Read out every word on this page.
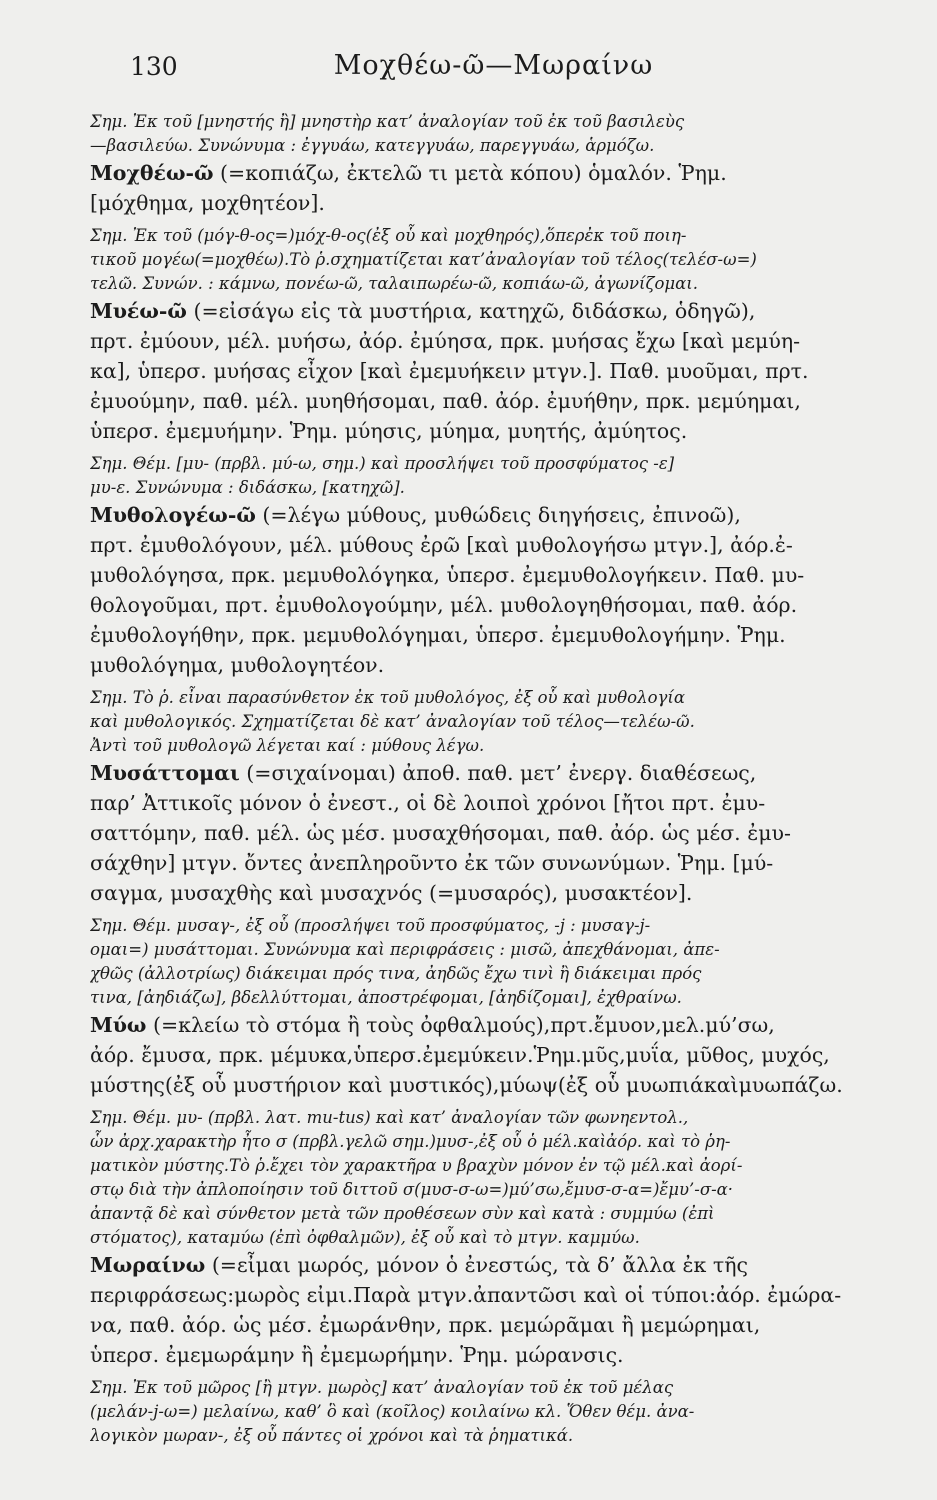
130	Μοχθέω-ῶ—Μωραίνω
Σημ. Ἐκ τοῦ [μνηστής ἢ] μνηστὴρ κατ’ ἀναλογίαν τοῦ ἐκ τοῦ βασιλεὺς
—βασιλεύω. Συνώνυμα : ἐγγυάω, κατεγγυάω, παρεγγυάω, ἁρμόζω.
Μοχθέω-ῶ (=κοπιάζω, ἐκτελῶ τι μετὰ κόπου) ὁμαλόν. Ῥημ.
[μόχθημα, μοχθητέον].
Σημ. Ἐκ τοῦ (μόγ-θ-ος=)μόχ-θ-ος(ἐξ οὗ καὶ μοχθηρός),ὅπερἐκ τοῦ ποιη-
τικοῦ μογέω(=μοχθέω).Τὸ ῥ.σχηματίζεται κατ’ἀναλογίαν τοῦ τέλος(τελέσ-ω=)
τελῶ. Συνών. : κάμνω, πονέω-ῶ, ταλαιπωρέω-ῶ, κοπιάω-ῶ, ἀγωνίζομαι.
Μυέω-ῶ (=εἰσάγω εἰς τὰ μυστήρια, κατηχῶ, διδάσκω, ὁδηγῶ),
πρτ. ἐμύουν, μέλ. μυήσω, ἀόρ. ἐμύησα, πρκ. μυήσας ἔχω [καὶ μεμύη-
κα], ὑπερσ. μυήσας εἶχον [καὶ ἐμεμυήκειν μτγν.]. Παθ. μυοῦμαι, πρτ.
ἐμυούμην, παθ. μέλ. μυηθήσομαι, παθ. ἀόρ. ἐμυήθην, πρκ. μεμύημαι,
ὑπερσ. ἐμεμυήμην. Ῥημ. μύησις, μύημα, μυητής, ἀμύητος.
Σημ. Θέμ. [μυ- (πρβλ. μύ-ω, σημ.) καὶ προσλήψει τοῦ προσφύματος -ε]
μυ-ε. Συνώνυμα : διδάσκω, [κατηχῶ].
Μυθολογέω-ῶ (=λέγω μύθους, μυθώδεις διηγήσεις, ἐπινοῶ),
πρτ. ἐμυθολόγουν, μέλ. μύθους ἐρῶ [καὶ μυθολογήσω μτγν.], ἀόρ.ἐ-
μυθολόγησα, πρκ. μεμυθολόγηκα, ὑπερσ. ἐμεμυθολογήκειν. Παθ. μυ-
θολογοῦμαι, πρτ. ἐμυθολογούμην, μέλ. μυθολογηθήσομαι, παθ. ἀόρ.
ἐμυθολογήθην, πρκ. μεμυθολόγημαι, ὑπερσ. ἐμεμυθολογήμην. Ῥημ.
μυθολόγημα, μυθολογητέον.
Σημ. Τὸ ῥ. εἶναι παρασύνθετον ἐκ τοῦ μυθολόγος, ἐξ οὗ καὶ μυθολογία
καὶ μυθολογικός. Σχηματίζεται δὲ κατ’ ἀναλογίαν τοῦ τέλος—τελέω-ῶ.
Ἀντὶ τοῦ μυθολογῶ λέγεται καί : μύθους λέγω.
Μυσάττομαι (=σιχαίνομαι) ἀποθ. παθ. μετ’ ἐνεργ. διαθέσεως,
παρ’ Ἀττικοῖς μόνον ὁ ἐνεστ., οἱ δὲ λοιποὶ χρόνοι [ἤτοι πρτ. ἐμυ-
σαττόμην, παθ. μέλ. ὡς μέσ. μυσαχθήσομαι, παθ. ἀόρ. ὡς μέσ. ἐμυ-
σάχθην] μτγν. ὄντες ἀνεπληροῦντο ἐκ τῶν συνωνύμων. Ῥημ. [μύ-
σαγμα, μυσαχθὴς καὶ μυσαχνός (=μυσαρός), μυσακτέον].
Σημ. Θέμ. μυσαγ-, ἐξ οὗ (προσλήψει τοῦ προσφύματος, -j : μυσαγ-j-
ομαι=) μυσάττομαι. Συνώνυμα καὶ περιφράσεις : μισῶ, ἀπεχθάνομαι, ἀπε-
χθῶς (ἀλλοτρίως) διάκειμαι πρός τινα, ἀηδῶς ἔχω τινὶ ἢ διάκειμαι πρός
τινα, [ἀηδιάζω], βδελλύττομαι, ἀποστρέφομαι, [ἀηδίζομαι], ἐχθραίνω.
Μύω (=κλείω τὸ στόμα ἢ τοὺς ὀφθαλμούς),πρτ.ἔμυον,μελ.μύ’σω,
ἀόρ. ἔμυσα, πρκ. μέμυκα,ὑπερσ.ἐμεμύκειν.Ῥημ.μῦς,μυΐα, μῦθος, μυχός,
μύστης(ἐξ οὗ μυστήριον καὶ μυστικός),μύωψ(ἐξ οὗ μυωπιάκαὶμυωπάζω.
Σημ. Θέμ. μυ- (πρβλ. λατ. mu-tus) καὶ κατ’ ἀναλογίαν τῶν φωνηεντολ.,
ὧν ἀρχ.χαρακτὴρ ἦτο σ (πρβλ.γελῶ σημ.)μυσ-,ἐξ οὗ ὁ μέλ.καὶἀόρ. καὶ τὸ ῥη-
ματικὸν μύστης.Τὸ ῥ.ἔχει τὸν χαρακτῆρα υ βραχὺν μόνον ἐν τῷ μέλ.καὶ ἀορί-
στῳ διὰ τὴν ἀπλοποίησιν τοῦ διττοῦ σ(μυσ-σ-ω=)μύ’σω,ἔμυσ-σ-α=)ἔμυ’-σ-α·
ἀπαντᾷ δὲ καὶ σύνθετον μετὰ τῶν προθέσεων σὺν καὶ κατὰ : συμμύω (ἐπὶ
στόματος), καταμύω (ἐπὶ ὀφθαλμῶν), ἐξ οὗ καὶ τὸ μτγν. καμμύω.
Μωραίνω (=εἶμαι μωρός, μόνον ὁ ἐνεστώς, τὰ δ’ ἄλλα ἐκ τῆς
περιφράσεως:μωρὸς εἰμι.Παρὰ μτγν.ἀπαντῶσι καὶ οἱ τύποι:ἀόρ. ἐμώρα-
να, παθ. ἀόρ. ὡς μέσ. ἐμωράνθην, πρκ. μεμώρᾶμαι ἢ μεμώρημαι,
ὑπερσ. ἐμεμωράμην ἢ ἐμεμωρήμην. Ῥημ. μώρανσις.
Σημ. Ἐκ τοῦ μῶρος [ἢ μτγν. μωρὸς] κατ’ ἀναλογίαν τοῦ ἐκ τοῦ μέλας
(μελάν-j-ω=) μελαίνω, καθ’ ὃ καὶ (κοῖλος) κοιλαίνω κλ. Ὅθεν θέμ. ἀνα-
λογικὸν μωραν-, ἐξ οὗ πάντες οἱ χρόνοι καὶ τὰ ῥηματικά.
